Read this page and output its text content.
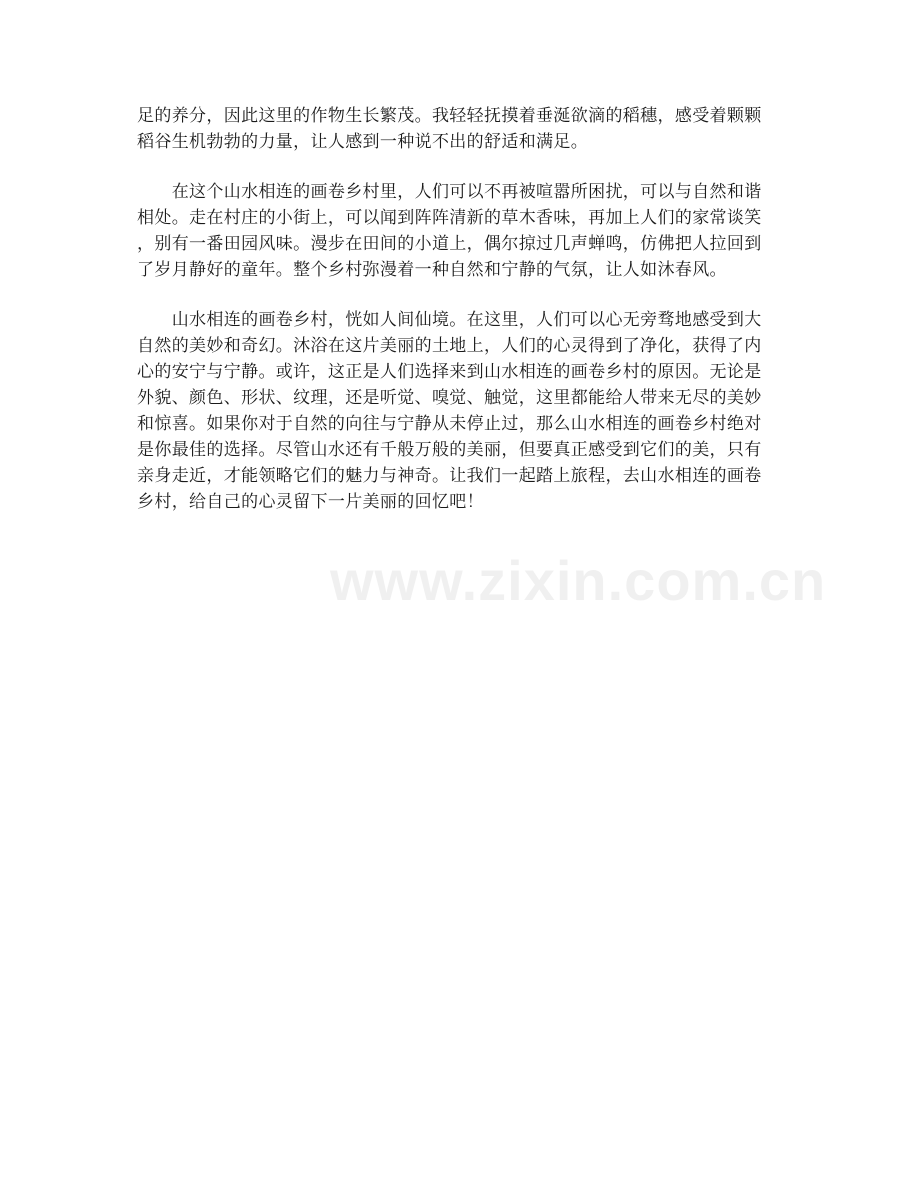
足的养分，因此这里的作物生长繁茂。我轻轻抚摸着垂涎欲滴的稻穗，感受着颗颗
稻谷生机勃勃的力量，让人感到一种说不出的舒适和满足。

　　在这个山水相连的画卷乡村里，人们可以不再被喧嚣所困扰，可以与自然和谐
相处。走在村庄的小街上，可以闻到阵阵清新的草木香味，再加上人们的家常谈笑
，别有一番田园风味。漫步在田间的小道上，偶尔掠过几声蝉鸣，仿佛把人拉回到
了岁月静好的童年。整个乡村弥漫着一种自然和宁静的气氛，让人如沐春风。

　　山水相连的画卷乡村，恍如人间仙境。在这里，人们可以心无旁骛地感受到大
自然的美妙和奇幻。沐浴在这片美丽的土地上，人们的心灵得到了净化，获得了内
心的安宁与宁静。或许，这正是人们选择来到山水相连的画卷乡村的原因。无论是
外貌、颜色、形状、纹理，还是听觉、嗅觉、触觉，这里都能给人带来无尽的美妙
和惊喜。如果你对于自然的向往与宁静从未停止过，那么山水相连的画卷乡村绝对
是你最佳的选择。尽管山水还有千般万般的美丽，但要真正感受到它们的美，只有
亲身走近，才能领略它们的魅力与神奇。让我们一起踏上旅程，去山水相连的画卷
乡村，给自己的心灵留下一片美丽的回忆吧！

www.zixin.com.cn
